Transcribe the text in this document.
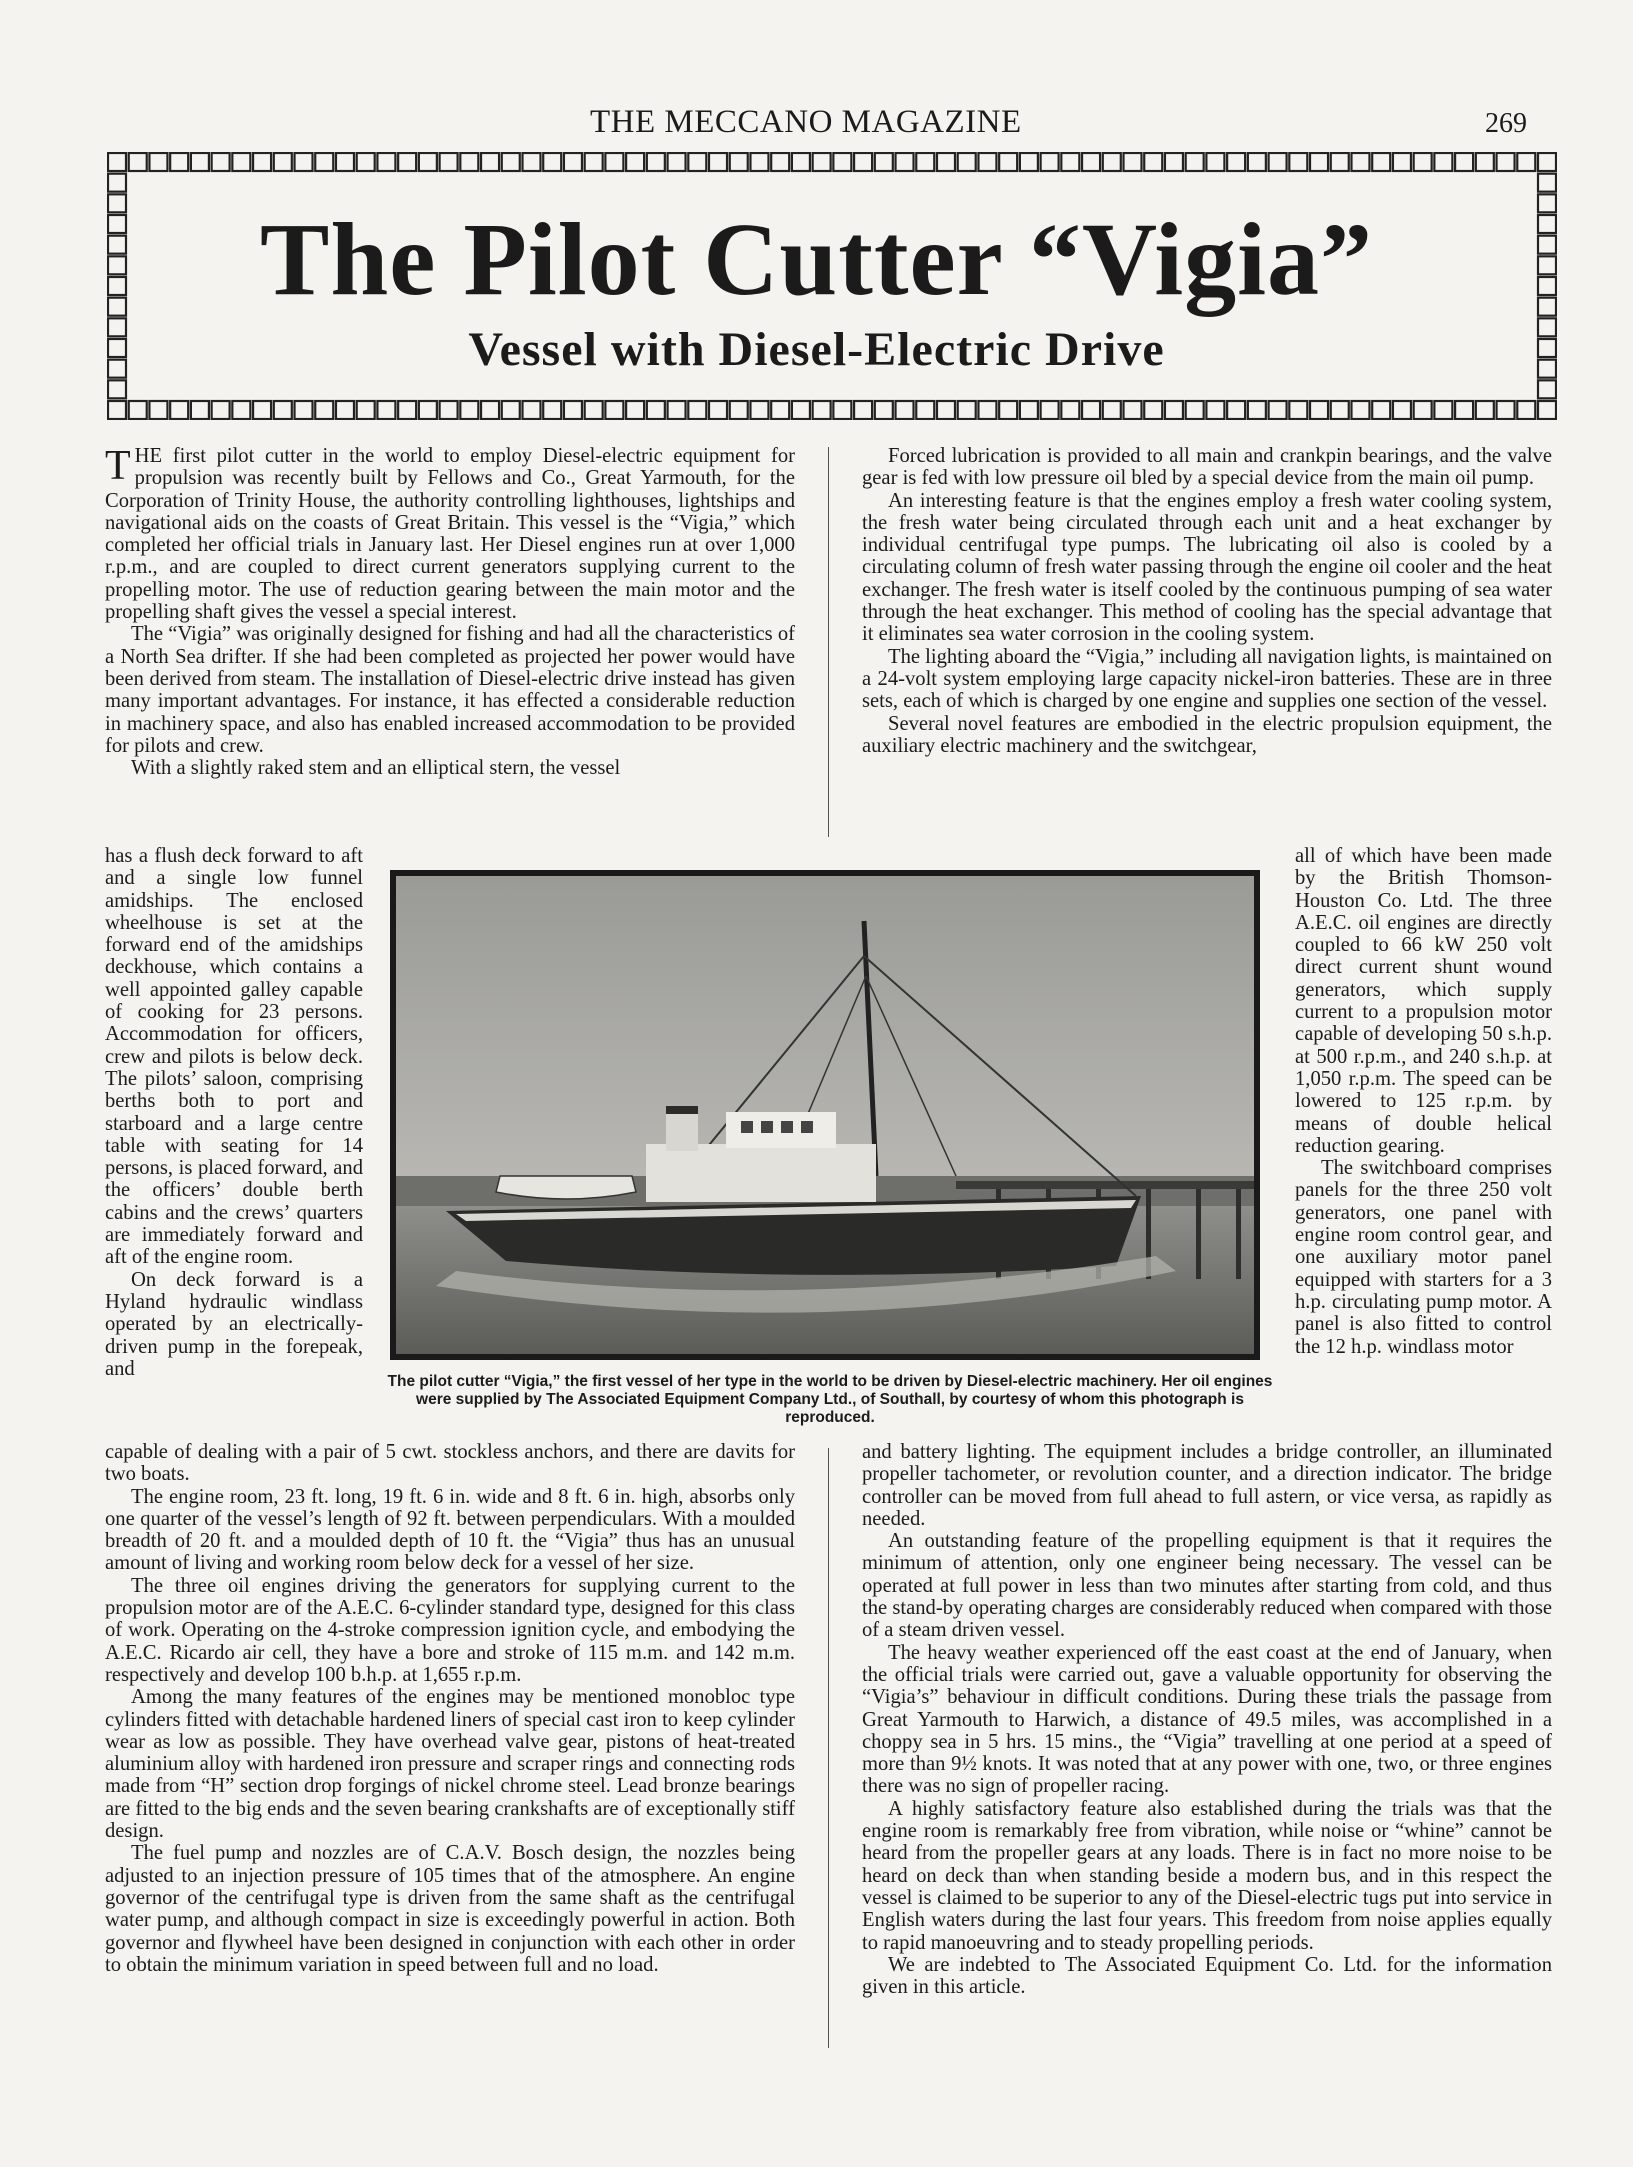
THE MECCANO MAGAZINE	269
The Pilot Cutter “Vigia”
Vessel with Diesel-Electric Drive

THE first pilot cutter in the world to employ Diesel-electric equipment for propulsion was recently built by Fellows and Co., Great Yarmouth, for the Corporation of Trinity House, the authority controlling lighthouses, lightships and navigational aids on the coasts of Great Britain. This vessel is the “Vigia,” which completed her official trials in January last. Her Diesel engines run at over 1,000 r.p.m., and are coupled to direct current generators supplying current to the propelling motor. The use of reduction gearing between the main motor and the propelling shaft gives the vessel a special interest.

The “Vigia” was originally designed for fishing and had all the characteristics of a North Sea drifter. If she had been completed as projected her power would have been derived from steam. The installation of Diesel-electric drive instead has given many important advantages. For instance, it has effected a considerable reduction in machinery space, and also has enabled increased accommodation to be provided for pilots and crew.

With a slightly raked stem and an elliptical stern, the vessel

Forced lubrication is provided to all main and crankpin bearings, and the valve gear is fed with low pressure oil bled by a special device from the main oil pump.

An interesting feature is that the engines employ a fresh water cooling system, the fresh water being circulated through each unit and a heat exchanger by individual centrifugal type pumps. The lubricating oil also is cooled by a circulating column of fresh water passing through the engine oil cooler and the heat exchanger. The fresh water is itself cooled by the continuous pumping of sea water through the heat exchanger. This method of cooling has the special advantage that it eliminates sea water corrosion in the cooling system.

The lighting aboard the “Vigia,” including all navigation lights, is maintained on a 24-volt system employing large capacity nickel-iron batteries. These are in three sets, each of which is charged by one engine and supplies one section of the vessel.

Several novel features are embodied in the electric propulsion equipment, the auxiliary electric machinery and the switchgear,

has a flush deck forward to aft and a single low funnel amidships. The enclosed wheelhouse is set at the forward end of the amidships deckhouse, which contains a well appointed galley capable of cooking for 23 persons. Accommodation for officers, crew and pilots is below deck. The pilots’ saloon, comprising berths both to port and starboard and a large centre table with seating for 14 persons, is placed forward, and the officers’ double berth cabins and the crews’ quarters are immediately forward and aft of the engine room.

On deck forward is a Hyland hydraulic windlass operated by an electrically-driven pump in the forepeak, and

all of which have been made by the British Thomson-Houston Co. Ltd. The three A.E.C. oil engines are directly coupled to 66 kW 250 volt direct current shunt wound generators, which supply current to a propulsion motor capable of developing 50 s.h.p. at 500 r.p.m., and 240 s.h.p. at 1,050 r.p.m. The speed can be lowered to 125 r.p.m. by means of double helical reduction gearing.

The switchboard comprises panels for the three 250 volt generators, one panel with engine room control gear, and one auxiliary motor panel equipped with starters for a 3 h.p. circulating pump motor. A panel is also fitted to control the 12 h.p. windlass motor

The pilot cutter “Vigia,” the first vessel of her type in the world to be driven by Diesel-electric machinery. Her oil engines were supplied by The Associated Equipment Company Ltd., of Southall, by courtesy of whom this photograph is reproduced.

capable of dealing with a pair of 5 cwt. stockless anchors, and there are davits for two boats.

The engine room, 23 ft. long, 19 ft. 6 in. wide and 8 ft. 6 in. high, absorbs only one quarter of the vessel’s length of 92 ft. between perpendiculars. With a moulded breadth of 20 ft. and a moulded depth of 10 ft. the “Vigia” thus has an unusual amount of living and working room below deck for a vessel of her size.

The three oil engines driving the generators for supplying current to the propulsion motor are of the A.E.C. 6-cylinder standard type, designed for this class of work. Operating on the 4-stroke compression ignition cycle, and embodying the A.E.C. Ricardo air cell, they have a bore and stroke of 115 m.m. and 142 m.m. respectively and develop 100 b.h.p. at 1,655 r.p.m.

Among the many features of the engines may be mentioned monobloc type cylinders fitted with detachable hardened liners of special cast iron to keep cylinder wear as low as possible. They have overhead valve gear, pistons of heat-treated aluminium alloy with hardened iron pressure and scraper rings and connecting rods made from “H” section drop forgings of nickel chrome steel. Lead bronze bearings are fitted to the big ends and the seven bearing crankshafts are of exceptionally stiff design.

The fuel pump and nozzles are of C.A.V. Bosch design, the nozzles being adjusted to an injection pressure of 105 times that of the atmosphere. An engine governor of the centrifugal type is driven from the same shaft as the centrifugal water pump, and although compact in size is exceedingly powerful in action. Both governor and flywheel have been designed in conjunction with each other in order to obtain the minimum variation in speed between full and no load.

and battery lighting. The equipment includes a bridge controller, an illuminated propeller tachometer, or revolution counter, and a direction indicator. The bridge controller can be moved from full ahead to full astern, or vice versa, as rapidly as needed.

An outstanding feature of the propelling equipment is that it requires the minimum of attention, only one engineer being necessary. The vessel can be operated at full power in less than two minutes after starting from cold, and thus the stand-by operating charges are considerably reduced when compared with those of a steam driven vessel.

The heavy weather experienced off the east coast at the end of January, when the official trials were carried out, gave a valuable opportunity for observing the “Vigia’s” behaviour in difficult conditions. During these trials the passage from Great Yarmouth to Harwich, a distance of 49.5 miles, was accomplished in a choppy sea in 5 hrs. 15 mins., the “Vigia” travelling at one period at a speed of more than 9½ knots. It was noted that at any power with one, two, or three engines there was no sign of propeller racing.

A highly satisfactory feature also established during the trials was that the engine room is remarkably free from vibration, while noise or “whine” cannot be heard from the propeller gears at any loads. There is in fact no more noise to be heard on deck than when standing beside a modern bus, and in this respect the vessel is claimed to be superior to any of the Diesel-electric tugs put into service in English waters during the last four years. This freedom from noise applies equally to rapid manoeuvring and to steady propelling periods.

We are indebted to The Associated Equipment Co. Ltd. for the information given in this article.
